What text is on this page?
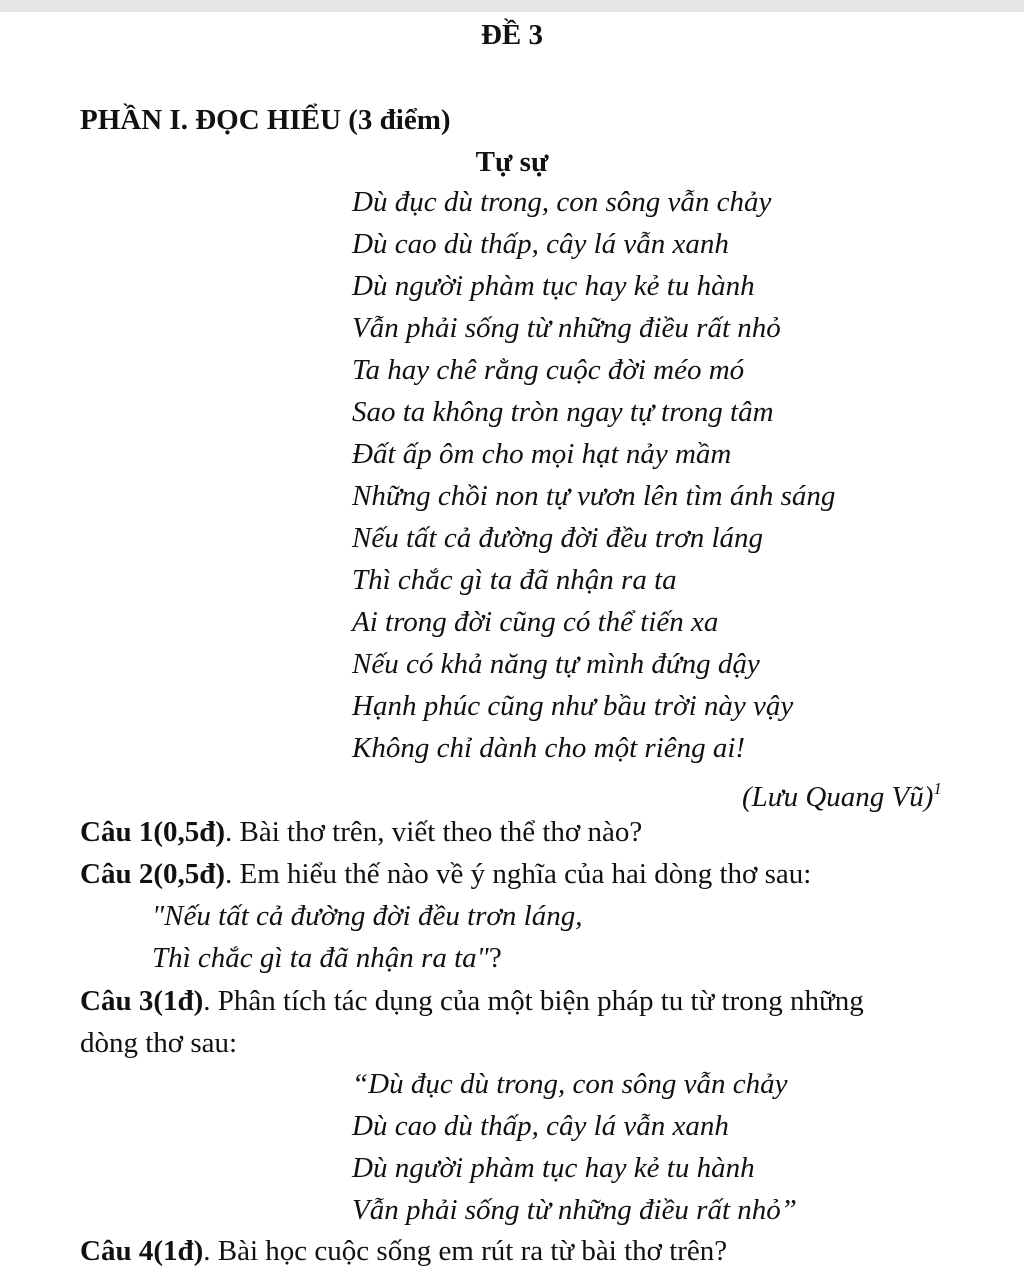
ĐỀ 3
PHẦN I. ĐỌC HIỂU (3 điểm)
Tự sự
Dù đục dù trong, con sông vẫn chảy
Dù cao dù thấp, cây lá vẫn xanh
Dù người phàm tục hay kẻ tu hành
Vẫn phải sống từ những điều rất nhỏ
Ta hay chê rằng cuộc đời méo mó
Sao ta không tròn ngay tự trong tâm
Đất ấp ôm cho mọi hạt nảy mầm
Những chồi non tự vươn lên tìm ánh sáng
Nếu tất cả đường đời đều trơn láng
Thì chắc gì ta đã nhận ra ta
Ai trong đời cũng có thể tiến xa
Nếu có khả năng tự mình đứng dậy
Hạnh phúc cũng như bầu trời này vậy
Không chỉ dành cho một riêng ai!
(Lưu Quang Vũ)$^1$
Câu 1(0,5đ). Bài thơ trên, viết theo thể thơ nào?
Câu 2(0,5đ). Em hiểu thế nào về ý nghĩa của hai dòng thơ sau:
"Nếu tất cả đường đời đều trơn láng,
Thì chắc gì ta đã nhận ra ta"?
Câu 3(1đ). Phân tích tác dụng của một biện pháp tu từ trong những
dòng thơ sau:
“Dù đục dù trong, con sông vẫn chảy
Dù cao dù thấp, cây lá vẫn xanh
Dù người phàm tục hay kẻ tu hành
Vẫn phải sống từ những điều rất nhỏ”
Câu 4(1đ). Bài học cuộc sống em rút ra từ bài thơ trên?
